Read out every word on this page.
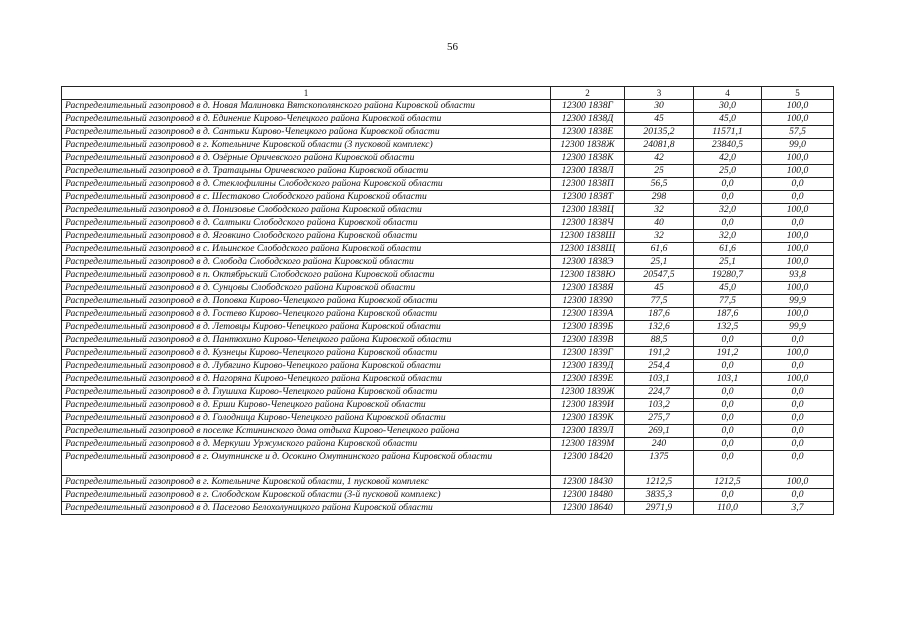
56
1	2	3	4	5
Распределительный газопровод в д. Новая Малиновка Вятскополянского района Кировской области	12300 1838Г	30	30,0	100,0
Распределительный газопровод в д. Единение Кирово-Чепецкого района Кировской области	12300 1838Д	45	45,0	100,0
Распределительный газопровод в д. Сантьки Кирово-Чепецкого района Кировской области	12300 1838Е	20135,2	11571,1	57,5
Распределительный газопровод в г. Котельниче Кировской области (3 пусковой комплекс)	12300 1838Ж	24081,8	23840,5	99,0
Распределительный газопровод в д. Озёрные Оричевского района Кировской области	12300 1838К	42	42,0	100,0
Распределительный газопровод в д. Тратацыны Оричевского района Кировской области	12300 1838Л	25	25,0	100,0
Распределительный газопровод в д. Стеклофилины Слободского района Кировской области	12300 1838П	56,5	0,0	0,0
Распределительный газопровод в с. Шестаково Слободского района Кировской области	12300 1838Т	298	0,0	0,0
Распределительный газопровод в д. Понизовье Слободского района Кировской области	12300 1838Ц	32	32,0	100,0
Распределительный газопровод в д. Салтыки Слободского района Кировской области	12300 1838Ч	40	0,0	0,0
Распределительный газопровод в д. Яговкино Слободского района Кировской области	12300 1838Ш	32	32,0	100,0
Распределительный газопровод в с. Ильинское Слободского района Кировской области	12300 1838Щ	61,6	61,6	100,0
Распределительный газопровод в д. Слобода Слободского района Кировской области	12300 1838Э	25,1	25,1	100,0
Распределительный газопровод в п. Октябрьский Слободского района Кировской области	12300 1838Ю	20547,5	19280,7	93,8
Распределительный газопровод в д. Сунцовы Слободского района Кировской области	12300 1838Я	45	45,0	100,0
Распределительный газопровод в д. Поповка Кирово-Чепецкого района Кировской области	12300 18390	77,5	77,5	99,9
Распределительный газопровод в д. Гостево Кирово-Чепецкого района Кировской области	12300 1839А	187,6	187,6	100,0
Распределительный газопровод в д. Летовцы Кирово-Чепецкого района Кировской области	12300 1839Б	132,6	132,5	99,9
Распределительный газопровод в д. Пантюхино Кирово-Чепецкого района Кировской области	12300 1839В	88,5	0,0	0,0
Распределительный газопровод в д. Кузнецы Кирово-Чепецкого района Кировской области	12300 1839Г	191,2	191,2	100,0
Распределительный газопровод в д. Лубягино Кирово-Чепецкого района Кировской области	12300 1839Д	254,4	0,0	0,0
Распределительный газопровод в д. Нагоряна Кирово-Чепецкого района Кировской области	12300 1839Е	103,1	103,1	100,0
Распределительный газопровод в д. Глушиха Кирово-Чепецкого района Кировской области	12300 1839Ж	224,7	0,0	0,0
Распределительный газопровод в д. Ерши Кирово-Чепецкого района Кировской области	12300 1839И	103,2	0,0	0,0
Распределительный газопровод в д. Голодница Кирово-Чепецкого района Кировской области	12300 1839К	275,7	0,0	0,0
Распределительный газопровод в поселке Кстининского дома отдыха Кирово-Чепецкого района	12300 1839Л	269,1	0,0	0,0
Распределительный газопровод в д. Меркуши Уржумского района Кировской области	12300 1839М	240	0,0	0,0
Распределительный газопровод в г. Омутнинске и д. Осокино Омутнинского района Кировской области	12300 18420	1375	0,0	0,0
Распределительный газопровод в г. Котельниче Кировской области, 1 пусковой комплекс	12300 18430	1212,5	1212,5	100,0
Распределительный газопровод в г. Слободском Кировской области (3-й пусковой комплекс)	12300 18480	3835,3	0,0	0,0
Распределительный газопровод в д. Пасегово Белохолуницкого района Кировской области	12300 18640	2971,9	110,0	3,7
